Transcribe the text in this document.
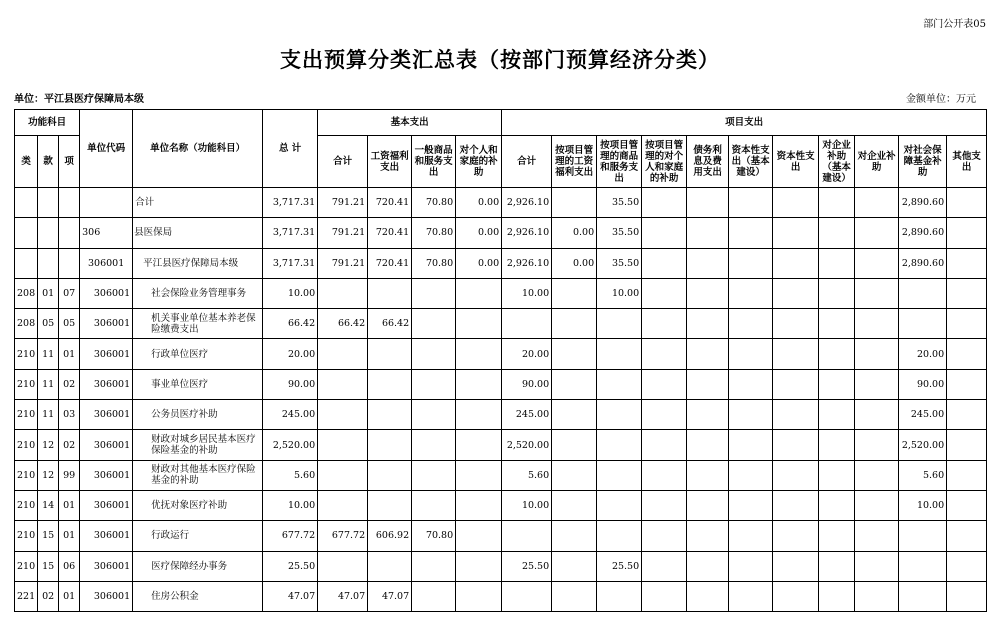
部门公开表05
支出预算分类汇总表（按部门预算经济分类）
单位：平江县医疗保障局本级	金额单位：万元
功能科目			单位代码	单位名称（功能科目）	总 计	基本支出				项目支出										
类	款	项				合计	工资福利支出	一般商品和服务支出	对个人和家庭的补助	合计	按项目管理的工资福利支出	按项目管理的商品和服务支出	按项目管理的对个人和家庭的补助	债务利息及费用支出	资本性支出（基本建设）	资本性支出	对企业补助（基本建设）	对企业补助	对社会保障基金补助	其他支出
				合计	3,717.31	791.21	720.41	70.80	0.00	2,926.10		35.50							2,890.60	
			306	县医保局	3,717.31	791.21	720.41	70.80	0.00	2,926.10	0.00	35.50							2,890.60	
			306001	平江县医疗保障局本级	3,717.31	791.21	720.41	70.80	0.00	2,926.10	0.00	35.50							2,890.60	
208	01	07	306001	社会保险业务管理事务	10.00					10.00		10.00								
208	05	05	306001	机关事业单位基本养老保险缴费支出	66.42	66.42	66.42													
210	11	01	306001	行政单位医疗	20.00					20.00									20.00	
210	11	02	306001	事业单位医疗	90.00					90.00									90.00	
210	11	03	306001	公务员医疗补助	245.00					245.00									245.00	
210	12	02	306001	财政对城乡居民基本医疗保险基金的补助	2,520.00					2,520.00									2,520.00	
210	12	99	306001	财政对其他基本医疗保险基金的补助	5.60					5.60									5.60	
210	14	01	306001	优抚对象医疗补助	10.00					10.00									10.00	
210	15	01	306001	行政运行	677.72	677.72	606.92	70.80												
210	15	06	306001	医疗保障经办事务	25.50					25.50		25.50								
221	02	01	306001	住房公积金	47.07	47.07	47.07													
